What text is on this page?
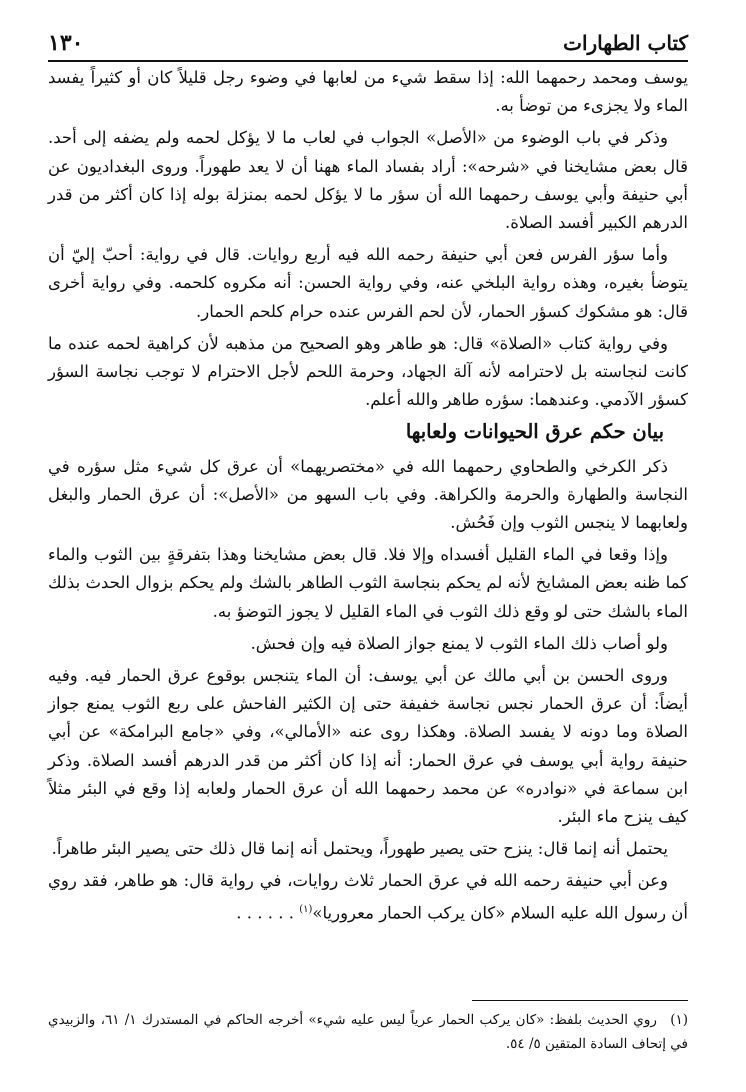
كتاب الطهارات
١٣٠

يوسف ومحمد رحمهما الله: إذا سقط شيء من لعابها في وضوء رجل قليلاً كان أو كثيراً يفسد الماء ولا يجزىء من توضأ به.

وذكر في باب الوضوء من «الأصل» الجواب في لعاب ما لا يؤكل لحمه ولم يضفه إلى أحد. قال بعض مشايخنا في «شرحه»: أراد بفساد الماء ههنا أن لا يعد طهوراً. وروى البغداديون عن أبي حنيفة وأبي يوسف رحمهما الله أن سؤر ما لا يؤكل لحمه بمنزلة بوله إذا كان أكثر من قدر الدرهم الكبير أفسد الصلاة.

وأما سؤر الفرس فعن أبي حنيفة رحمه الله فيه أربع روايات. قال في رواية: أحبّ إليّ أن يتوضأ بغيره، وهذه رواية البلخي عنه، وفي رواية الحسن: أنه مكروه كلحمه. وفي رواية أخرى قال: هو مشكوك كسؤر الحمار، لأن لحم الفرس عنده حرام كلحم الحمار.

وفي رواية كتاب «الصلاة» قال: هو طاهر وهو الصحيح من مذهبه لأن كراهية لحمه عنده ما كانت لنجاسته بل لاحترامه لأنه آلة الجهاد، وحرمة اللحم لأجل الاحترام لا توجب نجاسة السؤر كسؤر الآدمي. وعندهما: سؤره طاهر والله أعلم.

بيان حكم عرق الحيوانات ولعابها

ذكر الكرخي والطحاوي رحمهما الله في «مختصريهما» أن عرق كل شيء مثل سؤره في النجاسة والطهارة والحرمة والكراهة. وفي باب السهو من «الأصل»: أن عرق الحمار والبغل ولعابهما لا ينجس الثوب وإن فَحُش.

وإذا وقعا في الماء القليل أفسداه وإلا فلا. قال بعض مشايخنا وهذا بتفرقةٍ بين الثوب والماء كما ظنه بعض المشايخ لأنه لم يحكم بنجاسة الثوب الطاهر بالشك ولم يحكم بزوال الحدث بذلك الماء بالشك حتى لو وقع ذلك الثوب في الماء القليل لا يجوز التوضؤ به.

ولو أصاب ذلك الماء الثوب لا يمنع جواز الصلاة فيه وإن فحش.

وروى الحسن بن أبي مالك عن أبي يوسف: أن الماء يتنجس بوقوع عرق الحمار فيه. وفيه أيضاً: أن عرق الحمار نجس نجاسة خفيفة حتى إن الكثير الفاحش على ربع الثوب يمنع جواز الصلاة وما دونه لا يفسد الصلاة. وهكذا روى عنه «الأمالي»، وفي «جامع البرامكة» عن أبي حنيفة رواية أبي يوسف في عرق الحمار: أنه إذا كان أكثر من قدر الدرهم أفسد الصلاة. وذكر ابن سماعة في «نوادره» عن محمد رحمهما الله أن عرق الحمار ولعابه إذا وقع في البئر مثلاً كيف ينزح ماء البئر.

يحتمل أنه إنما قال: ينزح حتى يصير طهوراً، ويحتمل أنه إنما قال ذلك حتى يصير البئر طاهراً.

وعن أبي حنيفة رحمه الله في عرق الحمار ثلاث روايات، في رواية قال: هو طاهر، فقد روي أن رسول الله عليه السلام «كان يركب الحمار معروريا»$^{(١)}$ . . . . . .

(١) روي الحديث بلفظ: «كان يركب الحمار عرياً ليس عليه شيء» أخرجه الحاكم في المستدرك ١/ ٦١، والزبيدي في إتحاف السادة المتقين ٥/ ٥٤.
